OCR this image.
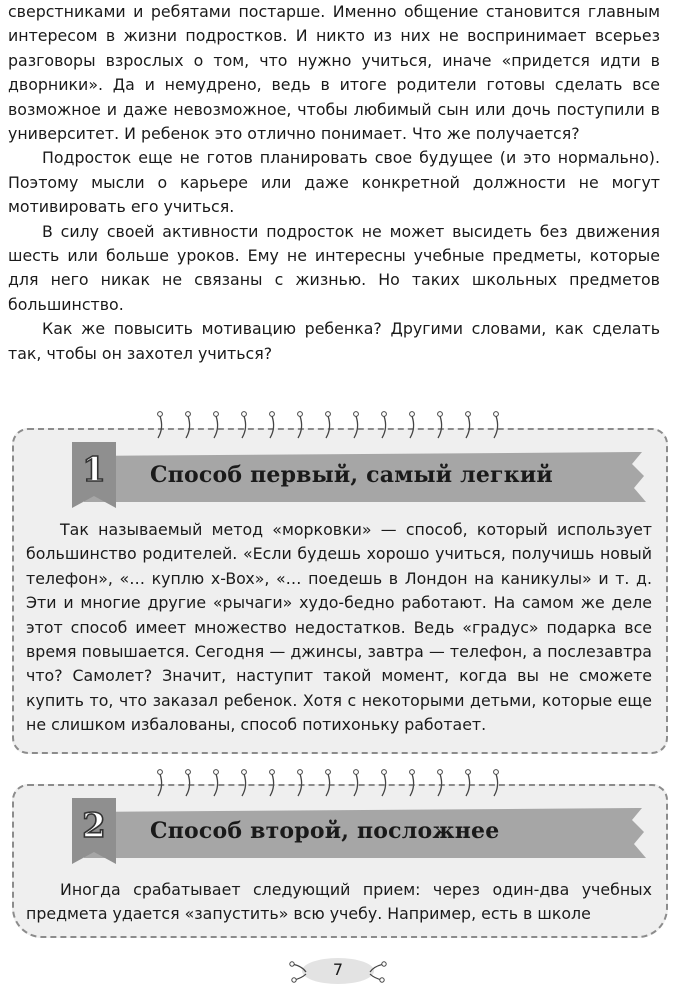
сверстниками и ребятами постарше. Именно общение становится главным интересом в жизни подростков. И никто из них не воспринимает всерьез разговоры взрослых о том, что нужно учиться, иначе «придется идти в дворники». Да и немудрено, ведь в итоге родители готовы сделать все возможное и даже невозможное, чтобы любимый сын или дочь поступили в университет. И ребенок это отлично понимает. Что же получается?

Подросток еще не готов планировать свое будущее (и это нормально). Поэтому мысли о карьере или даже конкретной должности не могут мотивировать его учиться.

В силу своей активности подросток не может высидеть без движения шесть или больше уроков. Ему не интересны учебные предметы, которые для него никак не связаны с жизнью. Но таких школьных предметов большинство.

Как же повысить мотивацию ребенка? Другими словами, как сделать так, чтобы он захотел учиться?

1	Способ первый, самый легкий

Так называемый метод «морковки» — способ, который использует большинство родителей. «Если будешь хорошо учиться, получишь новый телефон», «… куплю x-Box», «… поедешь в Лондон на каникулы» и т. д. Эти и многие другие «рычаги» худо-бедно работают. На самом же деле этот способ имеет множество недостатков. Ведь «градус» подарка все время повышается. Сегодня — джинсы, завтра — телефон, а послезавтра что? Самолет? Значит, наступит такой момент, когда вы не сможете купить то, что заказал ребенок. Хотя с некоторыми детьми, которые еще не слишком избалованы, способ потихоньку работает.

2	Способ второй, посложнее

Иногда срабатывает следующий прием: через один-два учебных предмета удается «запустить» всю учебу. Например, есть в школе

7
